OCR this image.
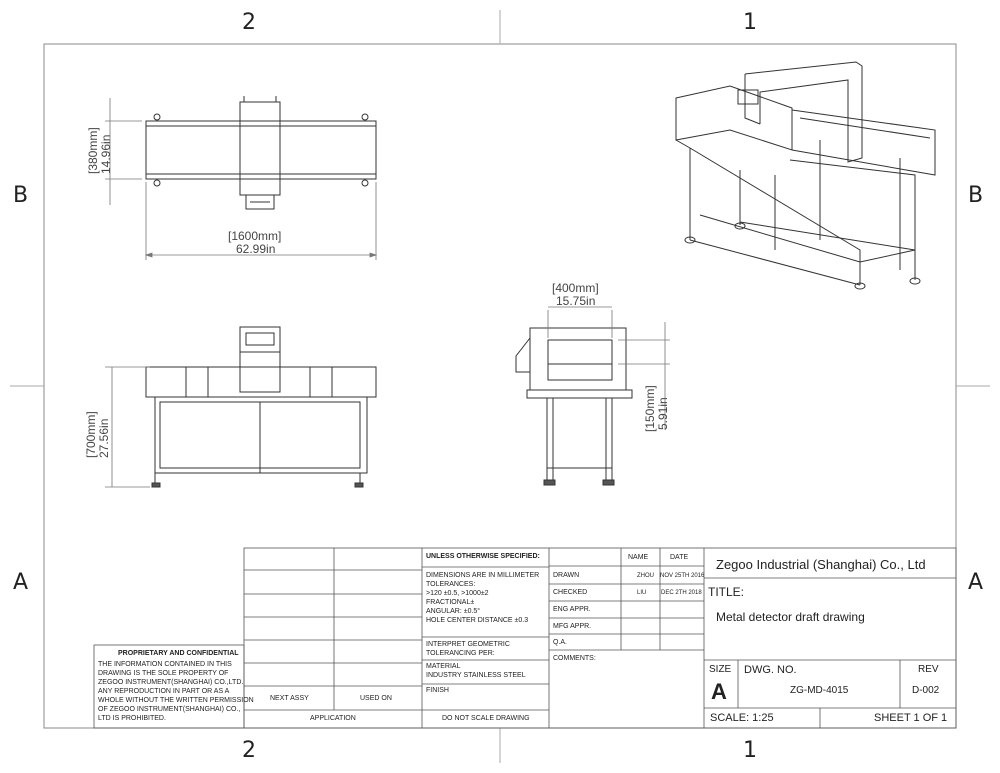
2	1
2	1
B
A
B
A
[1600mm]
62.99in
[380mm] 14.96in
[700mm] 27.56in
[400mm]
15.75in
[150mm] 5.91in
PROPRIETARY AND CONFIDENTIAL
THE INFORMATION CONTAINED IN THIS
DRAWING IS THE SOLE PROPERTY OF
ZEGOO INSTRUMENT(SHANGHAI) CO.,LTD.
ANY REPRODUCTION IN PART OR AS A
WHOLE WITHOUT THE WRITTEN PERMISSION
OF ZEGOO INSTRUMENT(SHANGHAI) CO.,
LTD IS PROHIBITED.
NEXT ASSY	USED ON
APPLICATION
UNLESS OTHERWISE SPECIFIED:
DIMENSIONS ARE IN MILLIMETER
TOLERANCES:
>120 ±0.5, >1000±2
FRACTIONAL±
ANGULAR: ±0.5°
HOLE CENTER DISTANCE ±0.3
INTERPRET GEOMETRIC
TOLERANCING PER:
MATERIAL
INDUSTRY STAINLESS STEEL
FINISH
DO NOT SCALE DRAWING
NAME	DATE
DRAWN	ZHOU NOV 25TH 2016
CHECKED	LIU DEC 2TH 2018
ENG APPR.
MFG APPR.
Q.A.
COMMENTS:
Zegoo Industrial (Shanghai) Co., Ltd
TITLE:
Metal detector draft drawing
SIZE
A
DWG. NO.
ZG-MD-4015
REV
D-002
SCALE: 1:25	SHEET 1 OF 1
